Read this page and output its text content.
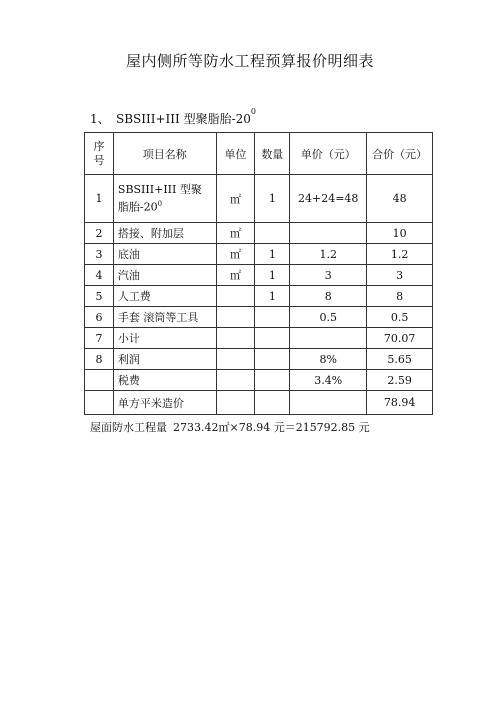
屋内侧所等防水工程预算报价明细表
1、 SBSIII+III 型聚脂胎-20
0
序
号	项目名称	单位	数量	单价（元）	合价（元）
1	SBSIII+III 型聚脂胎$-20^0$	㎡	1	24+24=48	48
2	搭接、附加层	㎡			10
3	底油	㎡	1	1.2	1.2
4	汽油	㎡	1	3	3
5	人工费		1	8	8
6	手套 滚筒等工具			0.5	0.5
7	小计				70.07
8	利润			8%	5.65
	税费			3.4%	2.59
	单方平米造价				78.94
屋面防水工程量 2733.42㎡×78.94 元＝215792.85 元
